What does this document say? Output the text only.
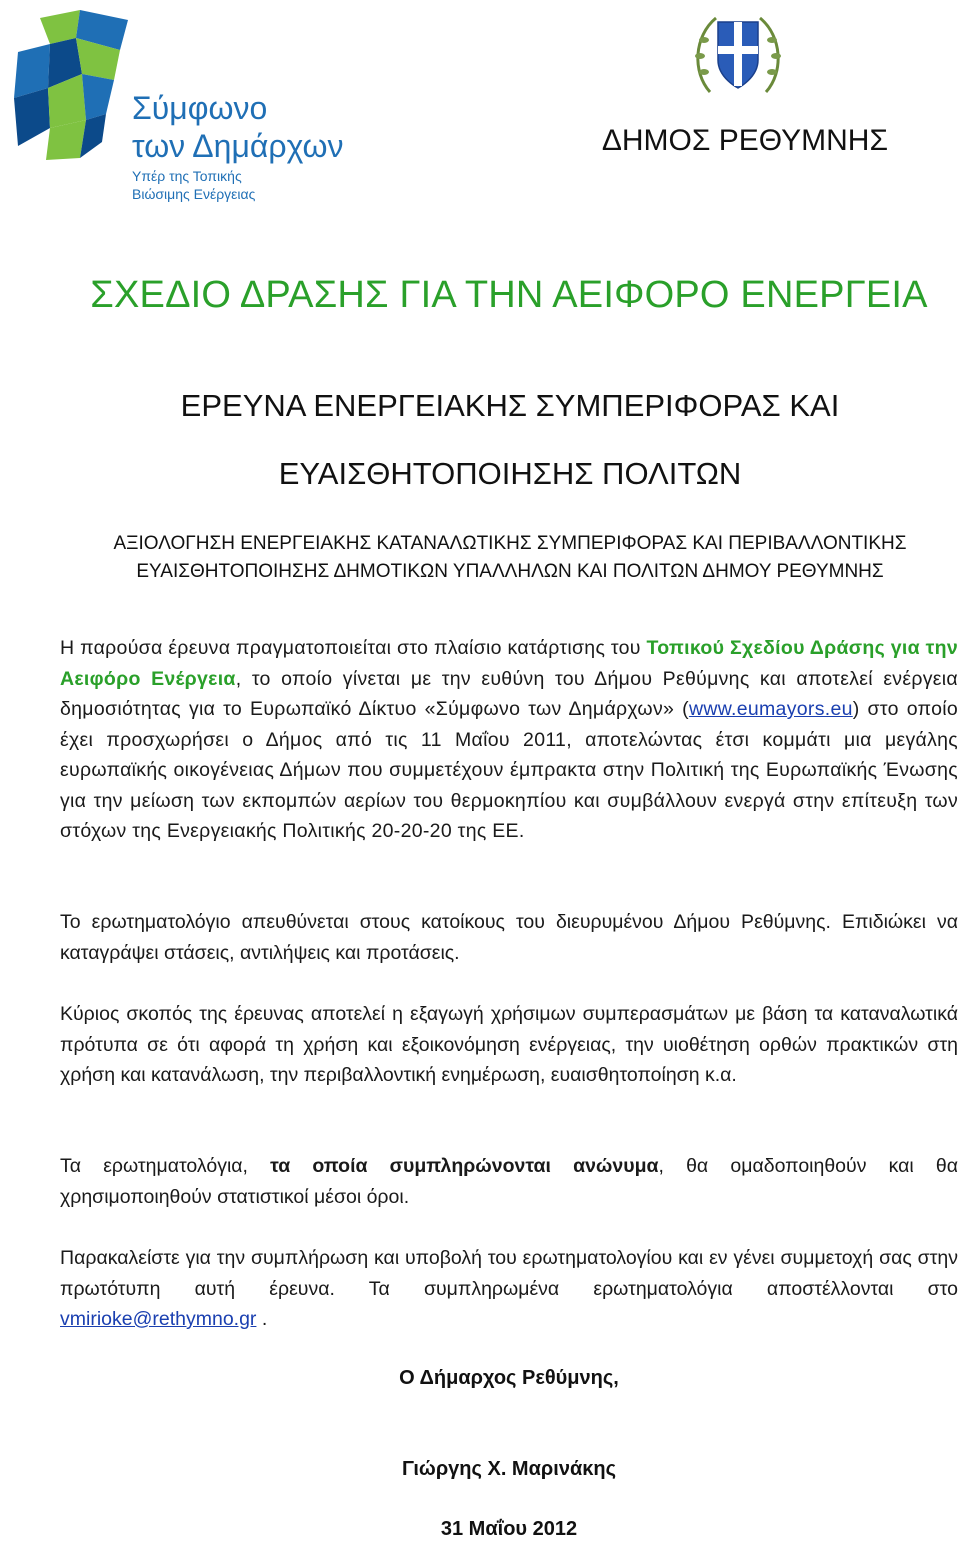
Σύμφωνο
των Δημάρχων
Υπέρ της Τοπικής
Βιώσιμης Ενέργειας
ΔΗΜΟΣ ΡΕΘΥΜΝΗΣ
ΣΧΕΔΙΟ ΔΡΑΣΗΣ ΓΙΑ ΤΗΝ ΑΕΙΦΟΡΟ ΕΝΕΡΓΕΙΑ
ΕΡΕΥΝΑ ΕΝΕΡΓΕΙΑΚΗΣ ΣΥΜΠΕΡΙΦΟΡΑΣ ΚΑΙ
ΕΥΑΙΣΘΗΤΟΠΟΙΗΣΗΣ ΠΟΛΙΤΩΝ
ΑΞΙΟΛΟΓΗΣΗ ΕΝΕΡΓΕΙΑΚΗΣ ΚΑΤΑΝΑΛΩΤΙΚΗΣ ΣΥΜΠΕΡΙΦΟΡΑΣ ΚΑΙ ΠΕΡΙΒΑΛΛΟΝΤΙΚΗΣ ΕΥΑΙΣΘΗΤΟΠΟΙΗΣΗΣ ΔΗΜΟΤΙΚΩΝ ΥΠΑΛΛΗΛΩΝ ΚΑΙ ΠΟΛΙΤΩΝ ΔΗΜΟΥ ΡΕΘΥΜΝΗΣ
Η παρούσα έρευνα πραγματοποιείται στο πλαίσιο κατάρτισης του Τοπικού Σχεδίου Δράσης για την Αειφόρο Ενέργεια, το οποίο γίνεται με την ευθύνη του Δήμου Ρεθύμνης και αποτελεί ενέργεια δημοσιότητας για το Ευρωπαϊκό Δίκτυο «Σύμφωνο των Δημάρχων» (www.eumayors.eu) στο οποίο έχει προσχωρήσει ο Δήμος από τις 11 Μαΐου 2011, αποτελώντας έτσι κομμάτι μια μεγάλης ευρωπαϊκής οικογένειας Δήμων που συμμετέχουν έμπρακτα στην Πολιτική της Ευρωπαϊκής Ένωσης για την μείωση των εκπομπών αερίων του θερμοκηπίου και συμβάλλουν ενεργά στην επίτευξη των στόχων της Ενεργειακής Πολιτικής 20-20-20 της ΕΕ.
Το ερωτηματολόγιο απευθύνεται στους κατοίκους του διευρυμένου Δήμου Ρεθύμνης. Επιδιώκει να καταγράψει στάσεις, αντιλήψεις και προτάσεις.
Κύριος σκοπός της έρευνας αποτελεί η εξαγωγή χρήσιμων συμπερασμάτων με βάση τα καταναλωτικά πρότυπα σε ότι αφορά τη χρήση και εξοικονόμηση ενέργειας, την υιοθέτηση ορθών πρακτικών στη χρήση και κατανάλωση, την περιβαλλοντική ενημέρωση, ευαισθητοποίηση κ.α.
Τα ερωτηματολόγια, τα οποία συμπληρώνονται ανώνυμα, θα ομαδοποιηθούν και θα χρησιμοποιηθούν στατιστικοί μέσοι όροι.
Παρακαλείστε για την συμπλήρωση και υποβολή του ερωτηματολογίου και εν γένει συμμετοχή σας στην πρωτότυπη αυτή έρευνα. Τα συμπληρωμένα ερωτηματολόγια αποστέλλονται στο vmirioke@rethymno.gr .
Ο Δήμαρχος Ρεθύμνης,
Γιώργης Χ. Μαρινάκης
31 Μαΐου 2012
